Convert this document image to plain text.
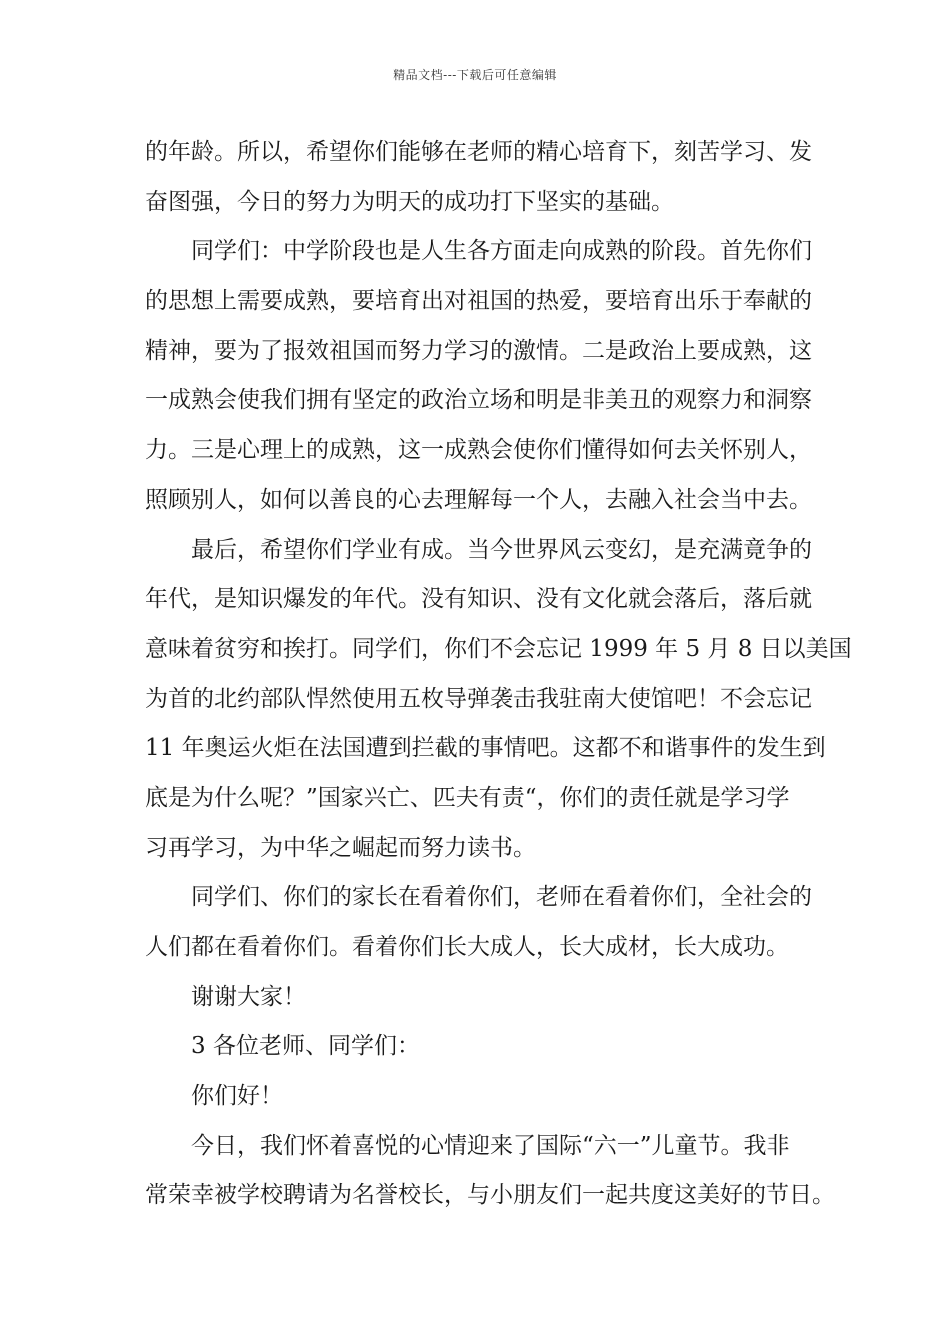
精品文档---下载后可任意编辑
的年龄。所以，希望你们能够在老师的精心培育下，刻苦学习、发
奋图强，今日的努力为明天的成功打下坚实的基础。
同学们：中学阶段也是人生各方面走向成熟的阶段。首先你们
的思想上需要成熟，要培育出对祖国的热爱，要培育出乐于奉献的
精神，要为了报效祖国而努力学习的激情。二是政治上要成熟，这
一成熟会使我们拥有坚定的政治立场和明是非美丑的观察力和洞察
力。三是心理上的成熟，这一成熟会使你们懂得如何去关怀别人，
照顾别人，如何以善良的心去理解每一个人，去融入社会当中去。
最后，希望你们学业有成。当今世界风云变幻，是充满竟争的
年代，是知识爆发的年代。没有知识、没有文化就会落后，落后就
意味着贫穷和挨打。同学们，你们不会忘记 1999 年 5 月 8 日以美国
为首的北约部队悍然使用五枚导弹袭击我驻南大使馆吧！不会忘记
11 年奥运火炬在法国遭到拦截的事情吧。这都不和谐事件的发生到
底是为什么呢？”国家兴亡、匹夫有责“，你们的责任就是学习学
习再学习，为中华之崛起而努力读书。
同学们、你们的家长在看着你们，老师在看着你们，全社会的
人们都在看着你们。看着你们长大成人，长大成材，长大成功。
谢谢大家！
3 各位老师、同学们：
你们好！
今日，我们怀着喜悦的心情迎来了国际“六一”儿童节。我非
常荣幸被学校聘请为名誉校长，与小朋友们一起共度这美好的节日。
